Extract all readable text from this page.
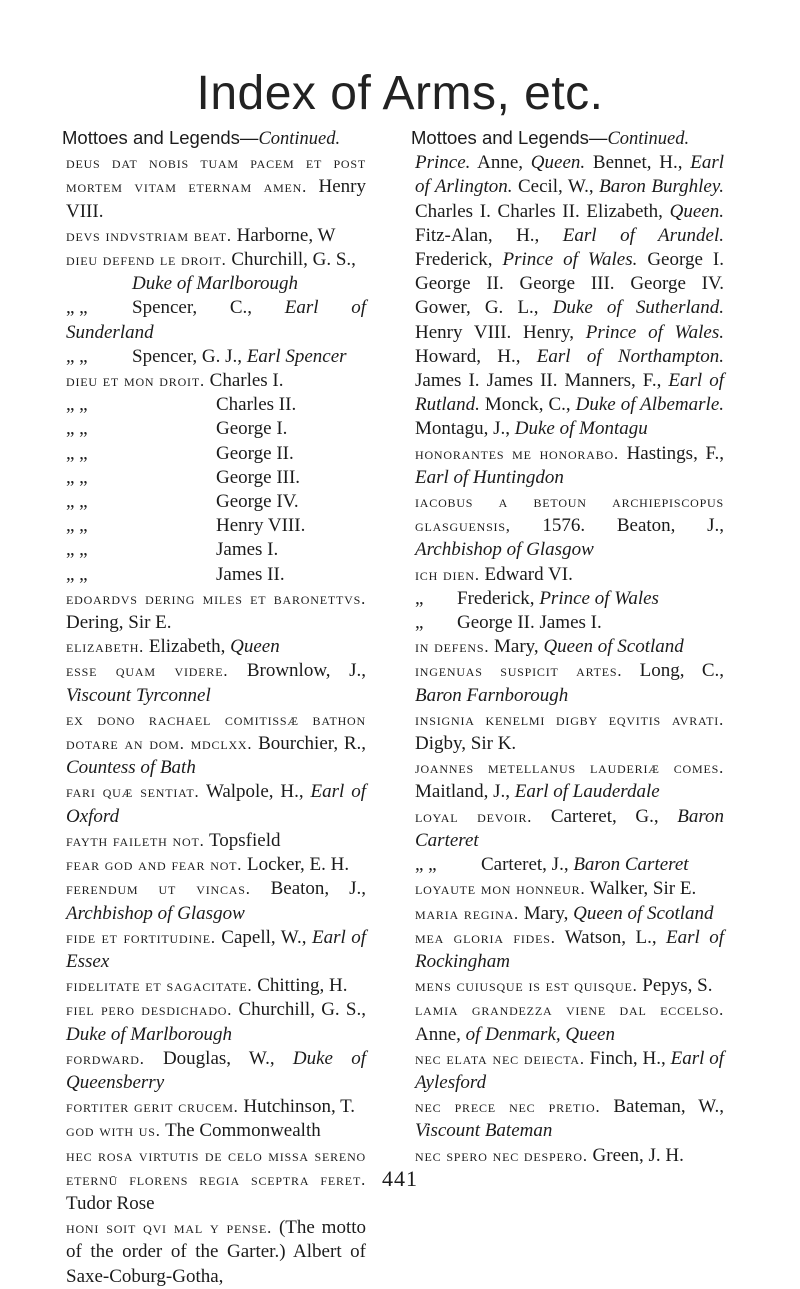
Index of Arms, etc.
Mottoes and Legends—Continued.
deus dat nobis tuam pacem et post mortem vitam eternam amen. Henry VIII.
devs indvstriam beat. Harborne, W
dieu defend le droit. Churchill, G. S.,
Duke of Marlborough
„ „ Spencer, C., Earl of Sunderland
„ „ Spencer, G. J., Earl Spencer
dieu et mon droit. Charles I.
„ „	Charles II.
„ „	George I.
„ „	George II.
„ „	George III.
„ „	George IV.
„ „	Henry VIII.
„ „	James I.
„ „	James II.
edoardvs dering miles et baronettvs. Dering, Sir E.
elizabeth. Elizabeth, Queen
esse quam videre. Brownlow, J., Viscount Tyrconnel
ex dono rachael comitissæ bathon dotare an dom. mdclxx. Bourchier, R., Countess of Bath
fari quæ sentiat. Walpole, H., Earl of Oxford
fayth faileth not. Topsfield
fear god and fear not. Locker, E. H.
ferendum ut vincas. Beaton, J., Archbishop of Glasgow
fide et fortitudine. Capell, W., Earl of Essex
fidelitate et sagacitate. Chitting, H.
fiel pero desdichado. Churchill, G. S., Duke of Marlborough
fordward. Douglas, W., Duke of Queensberry
fortiter gerit crucem. Hutchinson, T.
god with us. The Commonwealth
hec rosa virtutis de celo missa sereno eternū florens regia sceptra feret. Tudor Rose
honi soit qvi mal y pense. (The motto of the order of the Garter.) Albert of Saxe-Coburg-Gotha,
Mottoes and Legends—Continued.
Prince. Anne, Queen. Bennet, H., Earl of Arlington. Cecil, W., Baron Burghley. Charles I. Charles II. Elizabeth, Queen. Fitz-Alan, H., Earl of Arundel. Frederick, Prince of Wales. George I. George II. George III. George IV. Gower, G. L., Duke of Sutherland. Henry VIII. Henry, Prince of Wales. Howard, H., Earl of Northampton. James I. James II. Manners, F., Earl of Rutland. Monck, C., Duke of Albemarle. Montagu, J., Duke of Montagu
honorantes me honorabo. Hastings, F., Earl of Huntingdon
iacobus a betoun archiepiscopus glasguensis, 1576. Beaton, J., Archbishop of Glasgow
ich dien. Edward VI.
„ Frederick, Prince of Wales
„ George II. James I.
in defens. Mary, Queen of Scotland
ingenuas suspicit artes. Long, C., Baron Farnborough
insignia kenelmi digby eqvitis avrati. Digby, Sir K.
joannes metellanus lauderiæ comes. Maitland, J., Earl of Lauderdale
loyal devoir. Carteret, G., Baron Carteret
„ „ Carteret, J., Baron Carteret
loyaute mon honneur. Walker, Sir E.
maria regina. Mary, Queen of Scotland
mea gloria fides. Watson, L., Earl of Rockingham
mens cuiusque is est quisque. Pepys, S.
lamia grandezza viene dal eccelso. Anne, of Denmark, Queen
nec elata nec deiecta. Finch, H., Earl of Aylesford
nec prece nec pretio. Bateman, W., Viscount Bateman
nec spero nec despero. Green, J. H.
441
